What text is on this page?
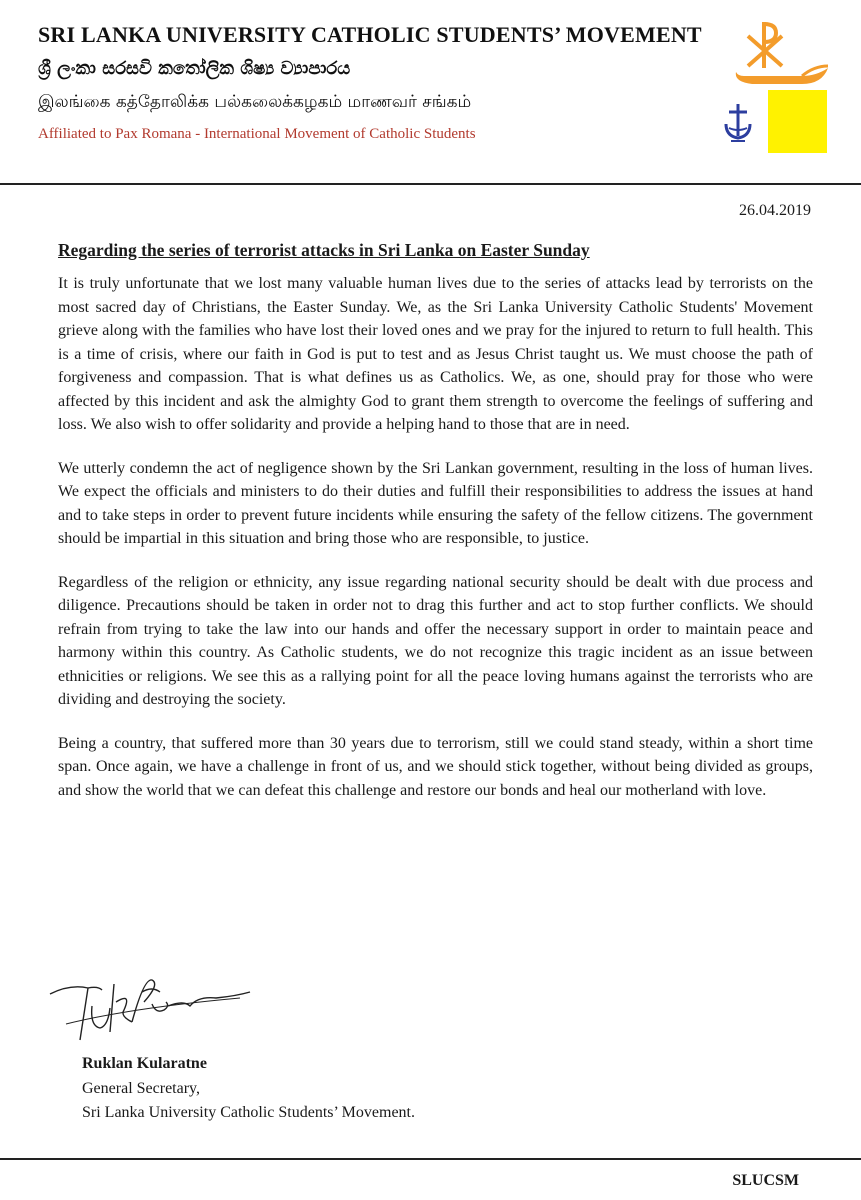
SRI LANKA UNIVERSITY CATHOLIC STUDENTS’ MOVEMENT
ශ්‍රී ලංකා සරසවි කතෝලික ශිෂ්‍ය ව්‍යාපාරය
இலங்கை கத்தோலிக்க பல்கலைக்கழகம் மாணவர் சங்கம்
Affiliated to Pax Romana - International Movement of Catholic Students
26.04.2019
Regarding the series of terrorist attacks in Sri Lanka on Easter Sunday

It is truly unfortunate that we lost many valuable human lives due to the series of attacks lead by terrorists on the most sacred day of Christians, the Easter Sunday. We, as the Sri Lanka University Catholic Students' Movement grieve along with the families who have lost their loved ones and we pray for the injured to return to full health. This is a time of crisis, where our faith in God is put to test and as Jesus Christ taught us. We must choose the path of forgiveness and compassion. That is what defines us as Catholics. We, as one, should pray for those who were affected by this incident and ask the almighty God to grant them strength to overcome the feelings of suffering and loss. We also wish to offer solidarity and provide a helping hand to those that are in need.

We utterly condemn the act of negligence shown by the Sri Lankan government, resulting in the loss of human lives. We expect the officials and ministers to do their duties and fulfill their responsibilities to address the issues at hand and to take steps in order to prevent future incidents while ensuring the safety of the fellow citizens. The government should be impartial in this situation and bring those who are responsible, to justice.

Regardless of the religion or ethnicity, any issue regarding national security should be dealt with due process and diligence. Precautions should be taken in order not to drag this further and act to stop further conflicts. We should refrain from trying to take the law into our hands and offer the necessary support in order to maintain peace and harmony within this country. As Catholic students, we do not recognize this tragic incident as an issue between ethnicities or religions. We see this as a rallying point for all the peace loving humans against the terrorists who are dividing and destroying the society.

Being a country, that suffered more than 30 years due to terrorism, still we could stand steady, within a short time span. Once again, we have a challenge in front of us, and we should stick together, without being divided as groups, and show the world that we can defeat this challenge and restore our bonds and heal our motherland with love.

Ruklan Kularatne
General Secretary,
Sri Lanka University Catholic Students’ Movement.
SLUCSM
